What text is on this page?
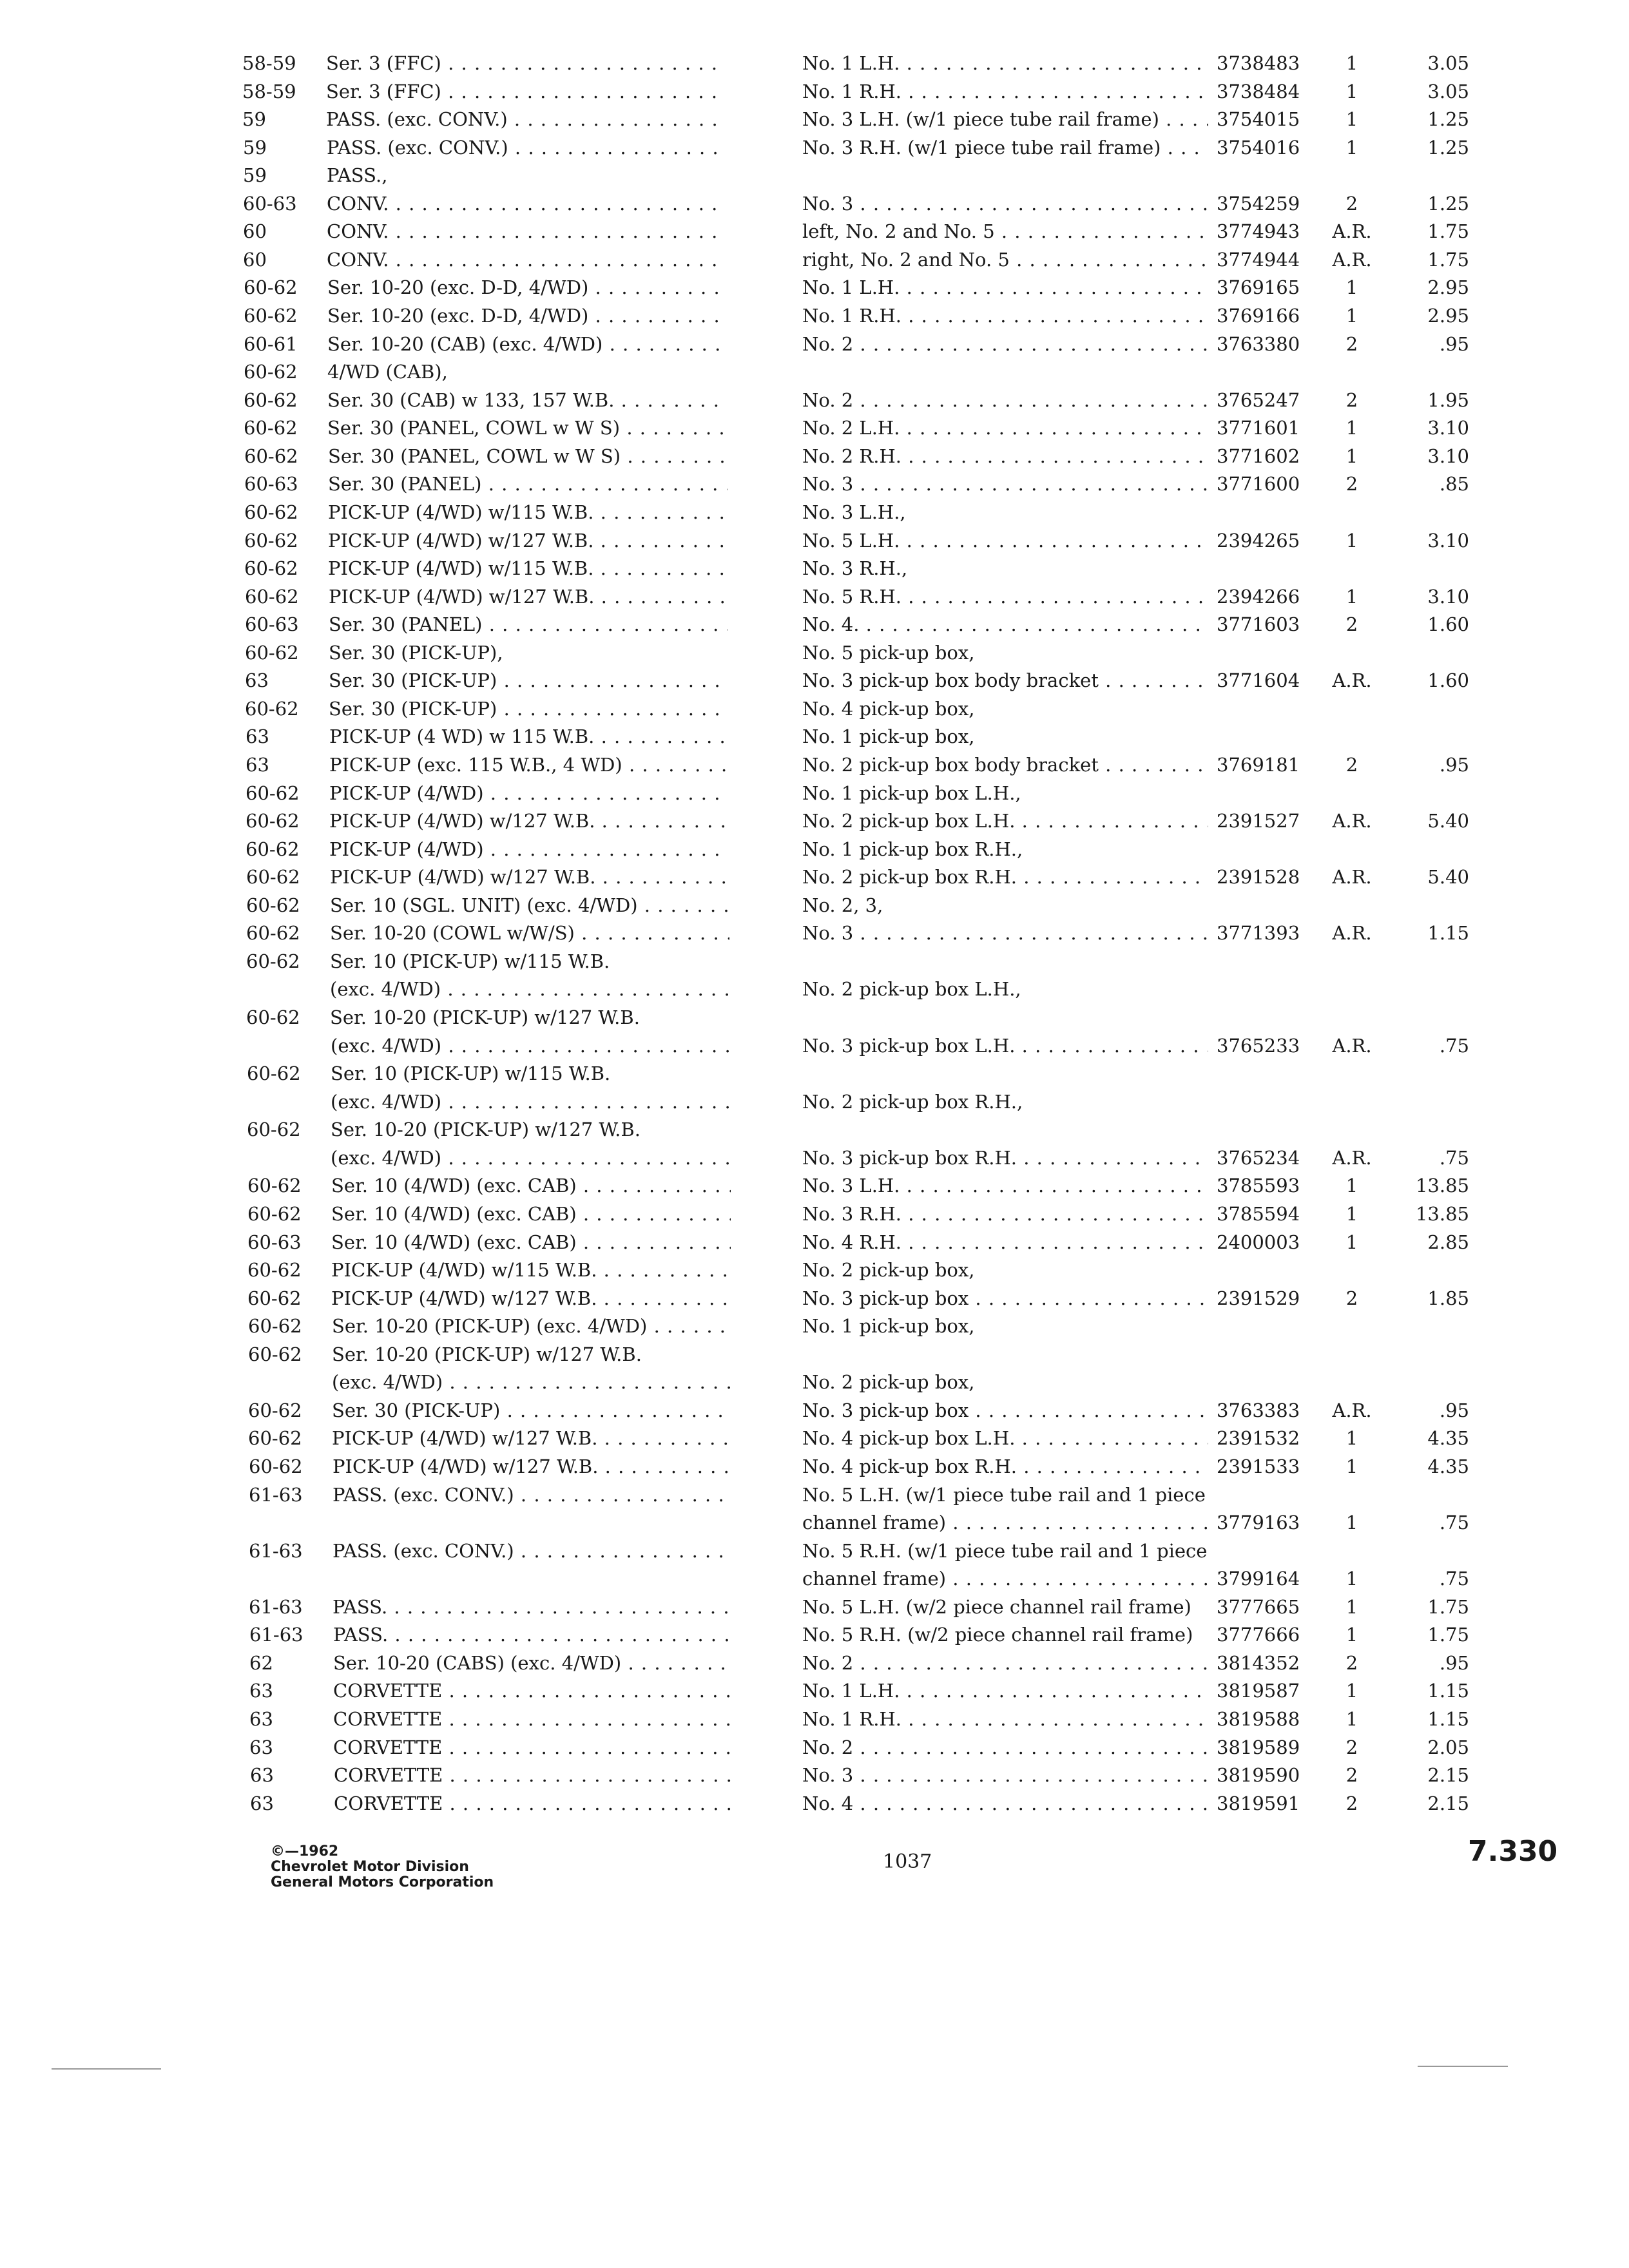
58-59	Ser. 3 (FFC) . . .	No. 1 L.H. . . .	3738483	1	3.05
58-59	Ser. 3 (FFC) . . .	No. 1 R.H. . . .	3738484	1	3.05
59	PASS. (exc. CONV.) . . .	No. 3 L.H. (w/1 piece tube rail frame) . . .	3754015	1	1.25
59	PASS. (exc. CONV.) . . .	No. 3 R.H. (w/1 piece tube rail frame) . . .	3754016	1	1.25
59	PASS.,
60-63	CONV. . . .	No. 3 . . .	3754259	2	1.25
60	CONV. . . .	left, No. 2 and No. 5 . . .	3774943	A.R.	1.75
60	CONV. . . .	right, No. 2 and No. 5 . . .	3774944	A.R.	1.75
60-62	Ser. 10-20 (exc. D-D, 4/WD) . . .	No. 1 L.H. . . .	3769165	1	2.95
60-62	Ser. 10-20 (exc. D-D, 4/WD) . . .	No. 1 R.H. . . .	3769166	1	2.95
60-61	Ser. 10-20 (CAB) (exc. 4/WD) . . .	No. 2 . . .	3763380	2	.95
60-62	4/WD (CAB),
60-62	Ser. 30 (CAB) w 133, 157 W.B. . . .	No. 2 . . .	3765247	2	1.95
60-62	Ser. 30 (PANEL, COWL w W S) . . .	No. 2 L.H. . . .	3771601	1	3.10
60-62	Ser. 30 (PANEL, COWL w W S) . . .	No. 2 R.H. . . .	3771602	1	3.10
60-63	Ser. 30 (PANEL) . . .	No. 3 . . .	3771600	2	.85
60-62	PICK-UP (4/WD) w/115 W.B. . . .	No. 3 L.H.,
60-62	PICK-UP (4/WD) w/127 W.B. . . .	No. 5 L.H. . . .	2394265	1	3.10
60-62	PICK-UP (4/WD) w/115 W.B. . . .	No. 3 R.H.,
60-62	PICK-UP (4/WD) w/127 W.B. . . .	No. 5 R.H. . . .	2394266	1	3.10
60-63	Ser. 30 (PANEL) . . .	No. 4. . . .	3771603	2	1.60
60-62	Ser. 30 (PICK-UP),	No. 5 pick-up box,
63	Ser. 30 (PICK-UP) . . .	No. 3 pick-up box body bracket . . .	3771604	A.R.	1.60
60-62	Ser. 30 (PICK-UP) . . .	No. 4 pick-up box,
63	PICK-UP (4 WD) w 115 W.B. . . .	No. 1 pick-up box,
63	PICK-UP (exc. 115 W.B., 4 WD) . . .	No. 2 pick-up box body bracket . . .	3769181	2	.95
60-62	PICK-UP (4/WD) . . .	No. 1 pick-up box L.H.,
60-62	PICK-UP (4/WD) w/127 W.B. . . .	No. 2 pick-up box L.H. . . .	2391527	A.R.	5.40
60-62	PICK-UP (4/WD) . . .	No. 1 pick-up box R.H.,
60-62	PICK-UP (4/WD) w/127 W.B. . . .	No. 2 pick-up box R.H. . . .	2391528	A.R.	5.40
60-62	Ser. 10 (SGL. UNIT) (exc. 4/WD) . . .	No. 2, 3,
60-62	Ser. 10-20 (COWL w/W/S) . . .	No. 3 . . .	3771393	A.R.	1.15
60-62	Ser. 10 (PICK-UP) w/115 W.B.
(exc. 4/WD) . . .	No. 2 pick-up box L.H.,
60-62	Ser. 10-20 (PICK-UP) w/127 W.B.
(exc. 4/WD) . . .	No. 3 pick-up box L.H. . . .	3765233	A.R.	.75
60-62	Ser. 10 (PICK-UP) w/115 W.B.
(exc. 4/WD) . . .	No. 2 pick-up box R.H.,
60-62	Ser. 10-20 (PICK-UP) w/127 W.B.
(exc. 4/WD) . . .	No. 3 pick-up box R.H. . . .	3765234	A.R.	.75
60-62	Ser. 10 (4/WD) (exc. CAB) . . .	No. 3 L.H. . . .	3785593	1	13.85
60-62	Ser. 10 (4/WD) (exc. CAB) . . .	No. 3 R.H. . . .	3785594	1	13.85
60-63	Ser. 10 (4/WD) (exc. CAB) . . .	No. 4 R.H. . . .	2400003	1	2.85
60-62	PICK-UP (4/WD) w/115 W.B. . . .	No. 2 pick-up box,
60-62	PICK-UP (4/WD) w/127 W.B. . . .	No. 3 pick-up box . . .	2391529	2	1.85
60-62	Ser. 10-20 (PICK-UP) (exc. 4/WD) . . .	No. 1 pick-up box,
60-62	Ser. 10-20 (PICK-UP) w/127 W.B.
(exc. 4/WD) . . .	No. 2 pick-up box,
60-62	Ser. 30 (PICK-UP) . . .	No. 3 pick-up box . . .	3763383	A.R.	.95
60-62	PICK-UP (4/WD) w/127 W.B. . . .	No. 4 pick-up box L.H. . . .	2391532	1	4.35
60-62	PICK-UP (4/WD) w/127 W.B. . . .	No. 4 pick-up box R.H. . . .	2391533	1	4.35
61-63	PASS. (exc. CONV.) . . .	No. 5 L.H. (w/1 piece tube rail and 1 piece
channel frame) . . .	3779163	1	.75
61-63	PASS. (exc. CONV.) . . .	No. 5 R.H. (w/1 piece tube rail and 1 piece
channel frame) . . .	3799164	1	.75
61-63	PASS. . . .	No. 5 L.H. (w/2 piece channel rail frame)	3777665	1	1.75
61-63	PASS. . . .	No. 5 R.H. (w/2 piece channel rail frame)	3777666	1	1.75
62	Ser. 10-20 (CABS) (exc. 4/WD) . . .	No. 2 . . .	3814352	2	.95
63	CORVETTE . . .	No. 1 L.H. . . .	3819587	1	1.15
63	CORVETTE . . .	No. 1 R.H. . . .	3819588	1	1.15
63	CORVETTE . . .	No. 2 . . .	3819589	2	2.05
63	CORVETTE . . .	No. 3 . . .	3819590	2	2.15
63	CORVETTE . . .	No. 4 . . .	3819591	2	2.15
©—1962
Chevrolet Motor Division
General Motors Corporation
1037	7.330
